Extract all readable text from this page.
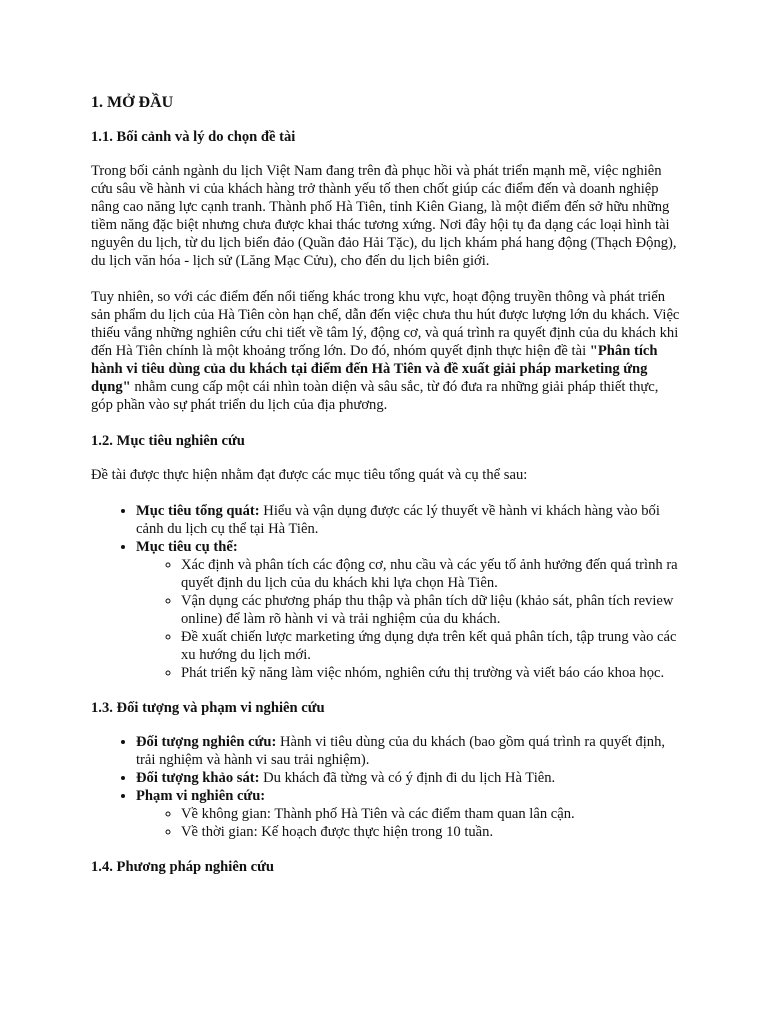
1. MỞ ĐẦU
1.1. Bối cảnh và lý do chọn đề tài

Trong bối cảnh ngành du lịch Việt Nam đang trên đà phục hồi và phát triển mạnh mẽ, việc nghiên cứu sâu về hành vi của khách hàng trở thành yếu tố then chốt giúp các điểm đến và doanh nghiệp nâng cao năng lực cạnh tranh. Thành phố Hà Tiên, tỉnh Kiên Giang, là một điểm đến sở hữu những tiềm năng đặc biệt nhưng chưa được khai thác tương xứng. Nơi đây hội tụ đa dạng các loại hình tài nguyên du lịch, từ du lịch biển đảo (Quần đảo Hải Tặc), du lịch khám phá hang động (Thạch Động), du lịch văn hóa - lịch sử (Lăng Mạc Cửu), cho đến du lịch biên giới.

Tuy nhiên, so với các điểm đến nổi tiếng khác trong khu vực, hoạt động truyền thông và phát triển sản phẩm du lịch của Hà Tiên còn hạn chế, dẫn đến việc chưa thu hút được lượng lớn du khách. Việc thiếu vắng những nghiên cứu chi tiết về tâm lý, động cơ, và quá trình ra quyết định của du khách khi đến Hà Tiên chính là một khoảng trống lớn. Do đó, nhóm quyết định thực hiện đề tài "Phân tích hành vi tiêu dùng của du khách tại điểm đến Hà Tiên và đề xuất giải pháp marketing ứng dụng" nhằm cung cấp một cái nhìn toàn diện và sâu sắc, từ đó đưa ra những giải pháp thiết thực, góp phần vào sự phát triển du lịch của địa phương.

1.2. Mục tiêu nghiên cứu

Đề tài được thực hiện nhằm đạt được các mục tiêu tổng quát và cụ thể sau:

• Mục tiêu tổng quát: Hiểu và vận dụng được các lý thuyết về hành vi khách hàng vào bối cảnh du lịch cụ thể tại Hà Tiên.
• Mục tiêu cụ thể:
◦ Xác định và phân tích các động cơ, nhu cầu và các yếu tố ảnh hưởng đến quá trình ra quyết định du lịch của du khách khi lựa chọn Hà Tiên.
◦ Vận dụng các phương pháp thu thập và phân tích dữ liệu (khảo sát, phân tích review online) để làm rõ hành vi và trải nghiệm của du khách.
◦ Đề xuất chiến lược marketing ứng dụng dựa trên kết quả phân tích, tập trung vào các xu hướng du lịch mới.
◦ Phát triển kỹ năng làm việc nhóm, nghiên cứu thị trường và viết báo cáo khoa học.
1.3. Đối tượng và phạm vi nghiên cứu
• Đối tượng nghiên cứu: Hành vi tiêu dùng của du khách (bao gồm quá trình ra quyết định, trải nghiệm và hành vi sau trải nghiệm).
• Đối tượng khảo sát: Du khách đã từng và có ý định đi du lịch Hà Tiên.
• Phạm vi nghiên cứu:
◦ Về không gian: Thành phố Hà Tiên và các điểm tham quan lân cận.
◦ Về thời gian: Kế hoạch được thực hiện trong 10 tuần.
1.4. Phương pháp nghiên cứu
